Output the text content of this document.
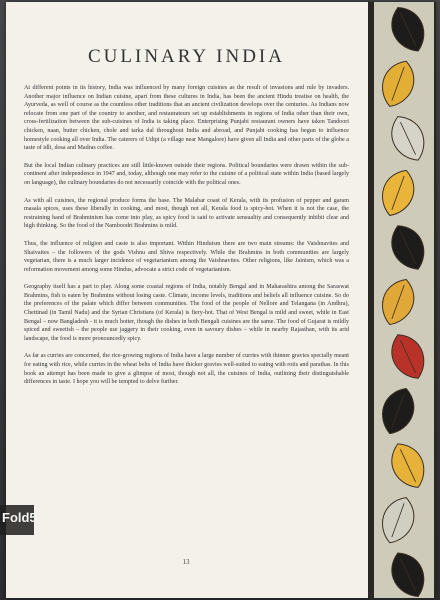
CULINARY INDIA

At different points in its history, India was influenced by many foreign cuisines as the result of invasions and rule by invaders. Another major influence on Indian cuisine, apart from these cultures in India, has been the ancient Hindu treatise on health, the Ayurveda, as well of course as the countless other traditions that an ancient civilization develops over the centuries. As Indians now relocate from one part of the country to another, and restaurateurs set up establishments in regions of India other than their own, cross-fertilization between the sub-cuisines of India is taking place. Enterprising Punjabi restaurant owners have taken Tandoori chicken, naan, butter chicken, chole and tarka dal throughout India and abroad, and Punjabi cooking has begun to influence homestyle cooking all over India. The caterers of Udipi (a village near Mangalore) have given all India and other parts of the globe a taste of idli, dosa and Madras coffee.

But the local Indian culinary practices are still little-known outside their regions. Political boundaries were drawn within the sub-continent after independence in 1947 and, today, although one may refer to the cuisine of a political state within India (based largely on language), the culinary boundaries do not necessarily coincide with the political ones.

As with all cuisines, the regional produce forms the base. The Malabar coast of Kerala, with its profusion of pepper and garam masala spices, uses these liberally in cooking, and most, though not all, Kerala food is spicy-hot. When it is not the case, the restraining hand of Brahminism has come into play, as spicy food is said to activate sensuality and consequently inhibit clear and high thinking. So the food of the Namboodri Brahmins is mild.

Thus, the influence of religion and caste is also important. Within Hinduism there are two main streams: the Vaishnavites and Shaivaites – the followers of the gods Vishnu and Shiva respectively. While the Brahmins in both communities are largely vegetarian, there is a much larger incidence of vegetarianism among the Vaishnavites. Other religions, like Jainism, which was a reformation movement among some Hindus, advocate a strict code of vegetarianism.

Geography itself has a part to play. Along some coastal regions of India, notably Bengal and in Maharashtra among the Saraswat Brahmins, fish is eaten by Brahmins without losing caste. Climate, income levels, traditions and beliefs all influence cuisine. So do the preferences of the palate which differ between communities. The food of the people of Nellore and Telangana (in Andhra), Chettinad (in Tamil Nadu) and the Syrian Christians (of Kerala) is fiery-hot. That of West Bengal is mild and sweet, while in East Bengal – now Bangladesh - it is much hotter, though the dishes in both Bengali cuisines are the same. The food of Gujarat is mildly spiced and sweetish – the people use jaggery in their cooking, even in savoury dishes – while in nearby Rajasthan, with its arid landscape, the food is more pronouncedly spicy.

As far as curries are concerned, the rice-growing regions of India have a large number of curries with thinner gravies specially meant for eating with rice, while curries in the wheat belts of India have thicker gravies well-suited to eating with rotis and parathas. In this book an attempt has been made to give a glimpse of most, though not all, the cuisines of India, outlining their distinguishable differences in taste. I hope you will be tempted to delve further.

13
Fold5
